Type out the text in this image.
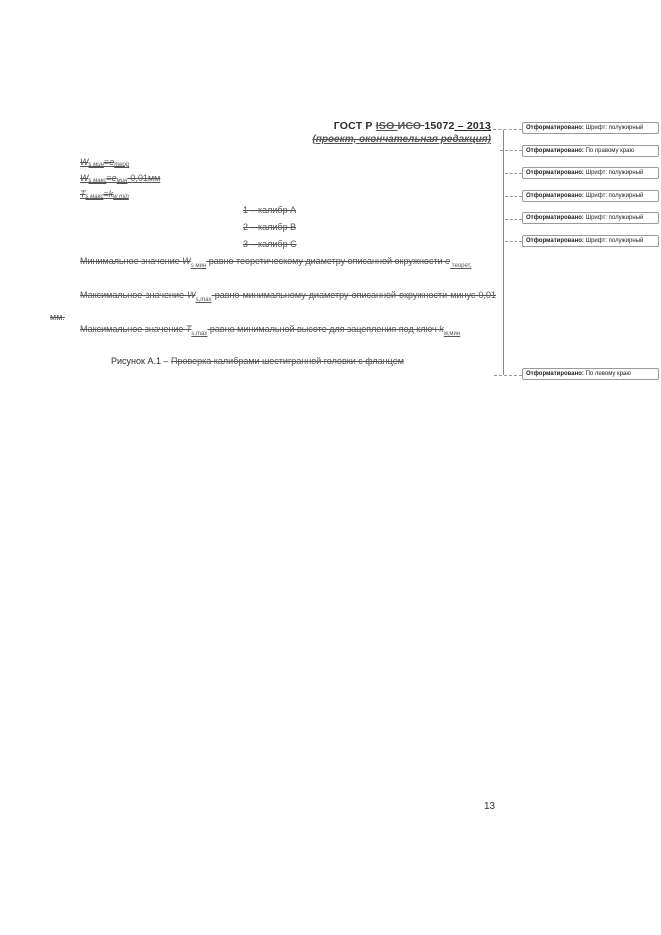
ГОСТ Р ISO ИСО 15072 – 2013
(проект, окончательная редакция)
Ws мин=eтеор
Ws макс=eмин-0,01мм
Ts макс=kw min
1 – калибр А
2 – калибр В
3 – калибр С
Минимальное значение $W_{s мин}$ равно теоретическому диаметру описанной окружности e $_{теорет.}$
Максимальное значение $W_{s,max}$ равно минимальному диаметру описанной окружности минус 0,01 мм.
Максимальное значение $T_{s,max}$ равно минимальной высоте для зацепления под ключ $k_{w,мин}$
Рисунок А.1 – Проверка калибрами шестигранной головки с фланцем
13
Отформатировано: Шрифт: полужирный
Отформатировано: По правому краю
Отформатировано: Шрифт: полужирный
Отформатировано: Шрифт: полужирный
Отформатировано: Шрифт: полужирный
Отформатировано: Шрифт: полужирный
Отформатировано: По левому краю
